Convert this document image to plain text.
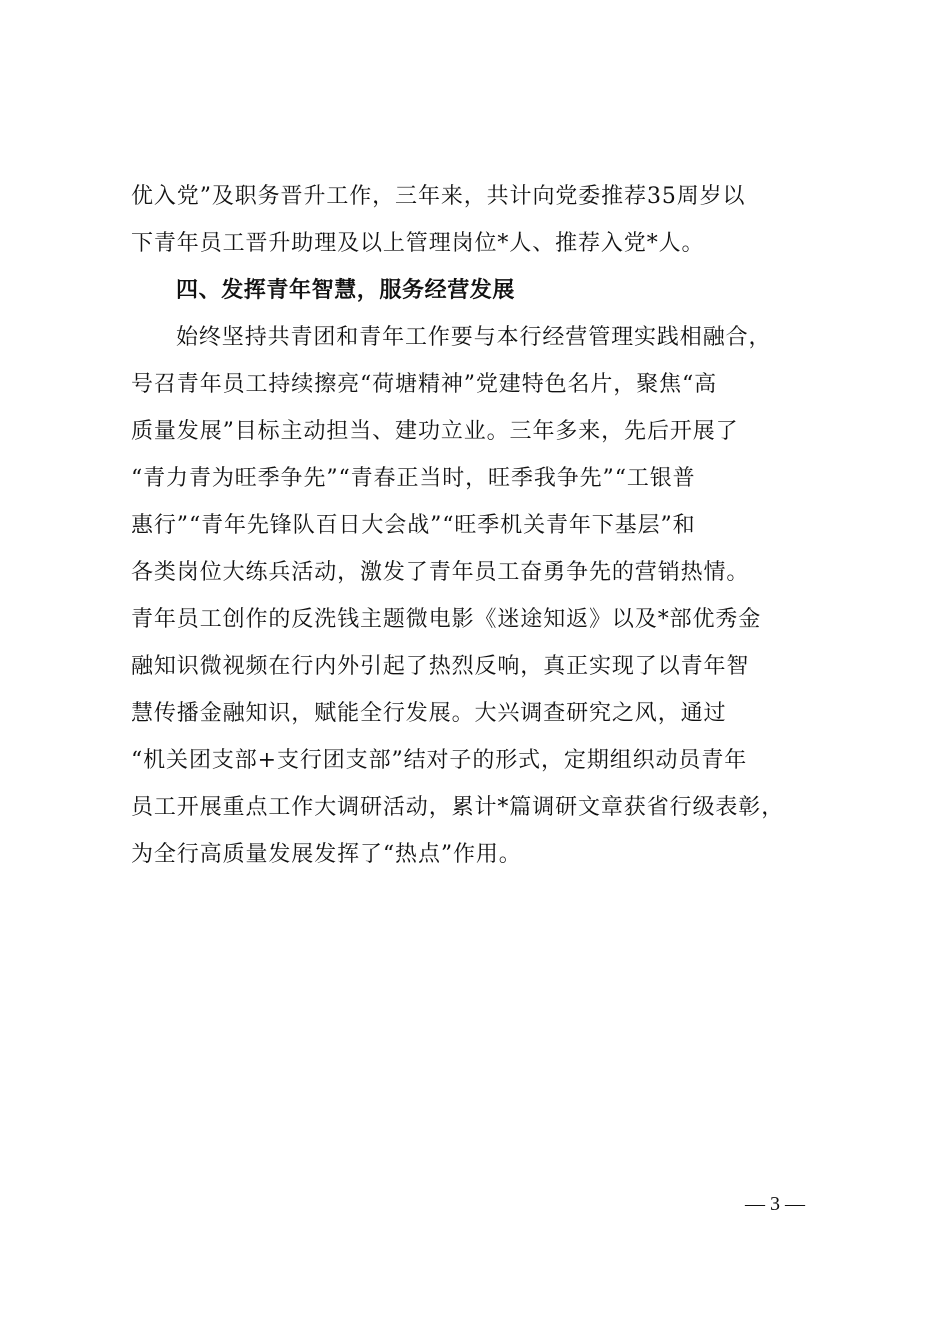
优入党”及职务晋升工作，三年来，共计向党委推荐35周岁以
下青年员工晋升助理及以上管理岗位*人、推荐入党*人。
四、发挥青年智慧，服务经营发展
始终坚持共青团和青年工作要与本行经营管理实践相融合，
号召青年员工持续擦亮“荷塘精神”党建特色名片，聚焦“高
质量发展”目标主动担当、建功立业。三年多来，先后开展了
“青力青为旺季争先”“青春正当时，旺季我争先”“工银普
惠行”“青年先锋队百日大会战”“旺季机关青年下基层”和
各类岗位大练兵活动，激发了青年员工奋勇争先的营销热情。
青年员工创作的反洗钱主题微电影《迷途知返》以及*部优秀金
融知识微视频在行内外引起了热烈反响，真正实现了以青年智
慧传播金融知识，赋能全行发展。大兴调查研究之风，通过
“机关团支部+支行团支部”结对子的形式，定期组织动员青年
员工开展重点工作大调研活动，累计*篇调研文章获省行级表彰，
为全行高质量发展发挥了“热点”作用。
— 3 —
